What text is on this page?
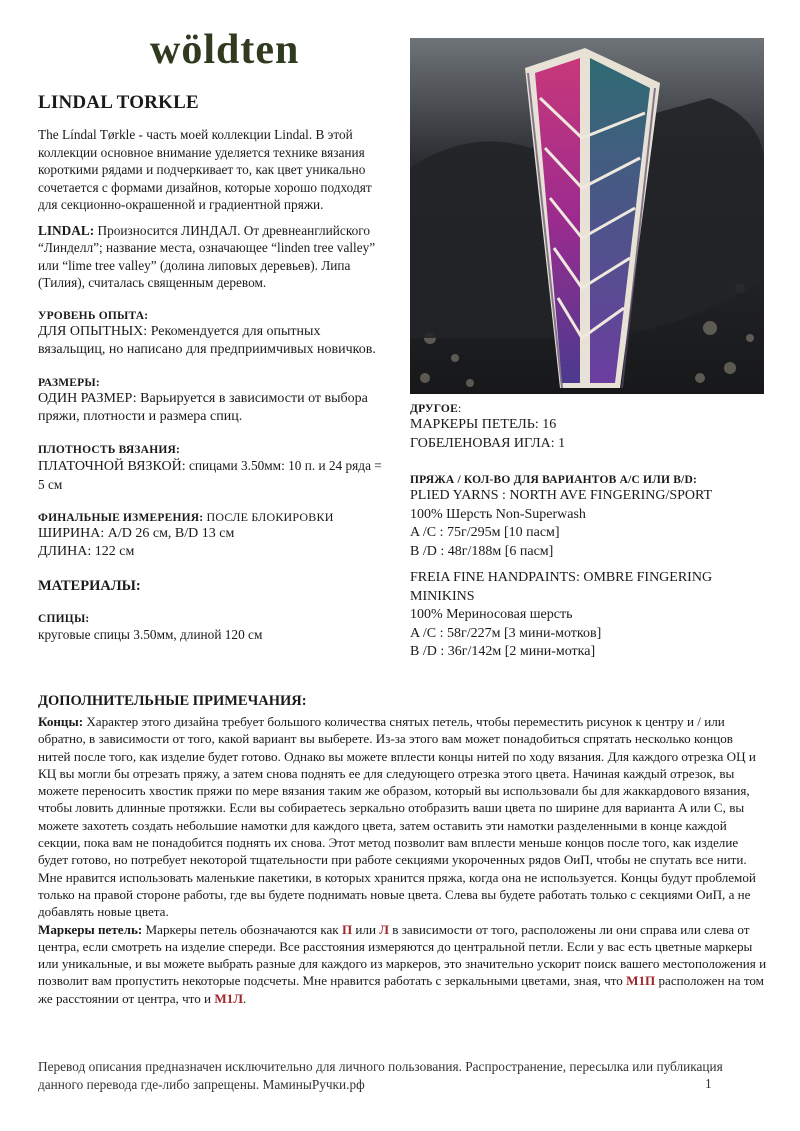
wöldten
LINDAL TORKLE
The Líndal Tørkle - часть моей коллекции Lindal. В этой коллекции основное внимание уделяется технике вязания короткими рядами и подчеркивает то, как цвет уникально сочетается с формами дизайнов, которые хорошо подходят для секционно-окрашенной и градиентной пряжи.
LINDAL: Произносится ЛИНДАЛ. От древнеанглийского “Линделл”; название места, означающее “linden tree valley” или “lime tree valley” (долина липовых деревьев). Липа (Тилия), считалась священным деревом.
УРОВЕНЬ ОПЫТА:
ДЛЯ ОПЫТНЫХ: Рекомендуется для опытных вязальщиц, но написано для предприимчивых новичков.
РАЗМЕРЫ:
ОДИН РАЗМЕР: Варьируется в зависимости от выбора пряжи, плотности и размера спиц.
ПЛОТНОСТЬ ВЯЗАНИЯ:
ПЛАТОЧНОЙ ВЯЗКОЙ: спицами 3.50мм: 10 п. и 24 ряда = 5 см
ФИНАЛЬНЫЕ ИЗМЕРЕНИЯ: ПОСЛЕ БЛОКИРОВКИ
ШИРИНА: A/D 26 см, B/D 13 см
ДЛИНА: 122 см
МАТЕРИАЛЫ:
СПИЦЫ:
круговые спицы 3.50мм, длиной 120 см
ДРУГОЕ:
МАРКЕРЫ ПЕТЕЛЬ: 16
ГОБЕЛЕНОВАЯ ИГЛА: 1
ПРЯЖА / КОЛ-ВО ДЛЯ ВАРИАНТОВ A/C ИЛИ B/D:
PLIED YARNS : NORTH AVE FINGERING/SPORT
100% Шерсть Non-Superwash
A /C : 75г/295м [10 пасм]
B /D : 48г/188м [6 пасм]
FREIA FINE HANDPAINTS: OMBRE FINGERING MINIKINS
100% Мериносовая шерсть
A /C : 58г/227м [3 мини-мотков]
B /D : 36г/142м [2 мини-мотка]
ДОПОЛНИТЕЛЬНЫЕ ПРИМЕЧАНИЯ:
Концы: Характер этого дизайна требует большого количества снятых петель, чтобы переместить рисунок к центру и / или обратно, в зависимости от того, какой вариант вы выберете. Из-за этого вам может понадобиться спрятать несколько концов нитей после того, как изделие будет готово. Однако вы можете вплести концы нитей по ходу вязания. Для каждого отрезка ОЦ и КЦ вы могли бы отрезать пряжу, а затем снова поднять ее для следующего отрезка этого цвета. Начиная каждый отрезок, вы можете переносить хвостик пряжи по мере вязания таким же образом, который вы использовали бы для жаккардового вязания, чтобы ловить длинные протяжки. Если вы собираетесь зеркально отобразить ваши цвета по ширине для варианта A или C, вы можете захотеть создать небольшие намотки для каждого цвета, затем оставить эти намотки разделенными в конце каждой секции, пока вам не понадобится поднять их снова. Этот метод позволит вам вплести меньше концов после того, как изделие будет готово, но потребует некоторой тщательности при работе секциями укороченных рядов ОиП, чтобы не спутать все нити. Мне нравится использовать маленькие пакетики, в которых хранится пряжа, когда она не используется. Концы будут проблемой только на правой стороне работы, где вы будете поднимать новые цвета. Слева вы будете работать только с секциями ОиП, а не добавлять новые цвета.
Маркеры петель: Маркеры петель обозначаются как П или Л в зависимости от того, расположены ли они справа или слева от центра, если смотреть на изделие спереди. Все расстояния измеряются до центральной петли. Если у вас есть цветные маркеры или уникальные, и вы можете выбрать разные для каждого из маркеров, это значительно ускорит поиск вашего местоположения и позволит вам пропустить некоторые подсчеты. Мне нравится работать с зеркальными цветами, зная, что М1П расположен на том же расстоянии от центра, что и М1Л.
Перевод описания предназначен исключительно для личного пользования. Распространение, пересылка или публикация данного перевода где-либо запрещены. МаминыРучки.рф	1
